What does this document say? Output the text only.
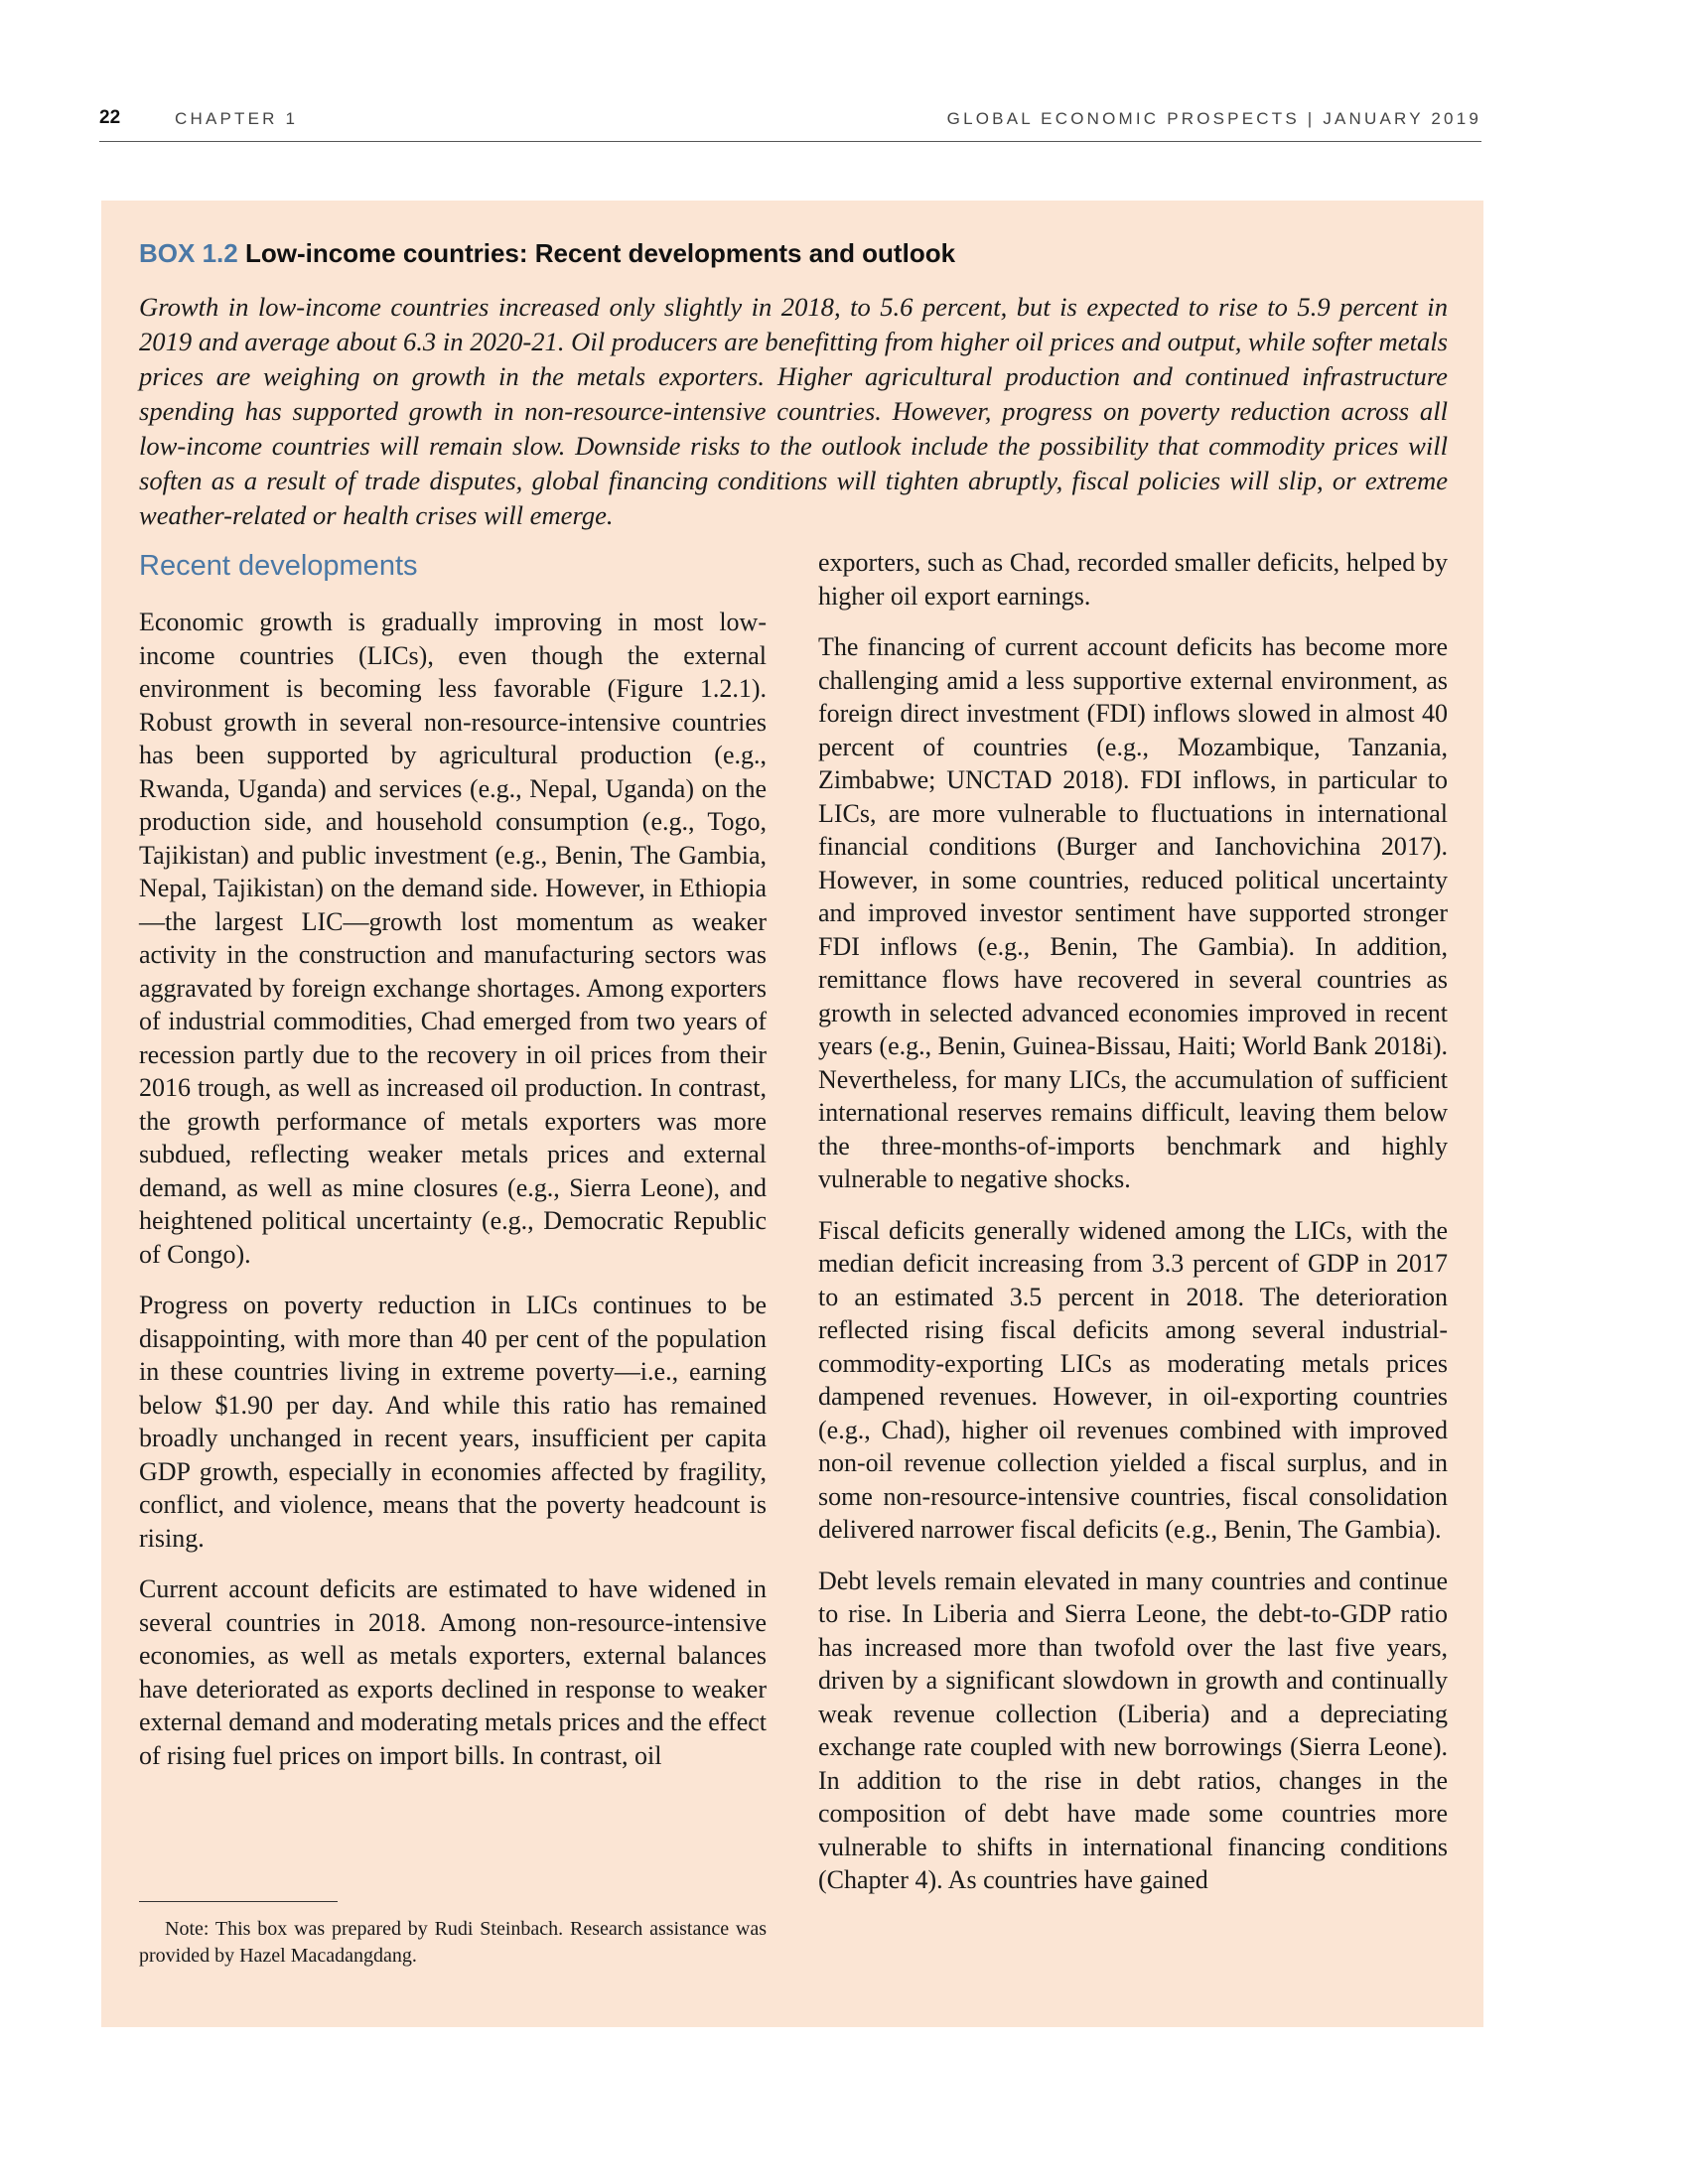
22	CHAPTER 1	GLOBAL ECONOMIC PROSPECTS | JANUARY 2019
BOX 1.2 Low-income countries: Recent developments and outlook

Growth in low-income countries increased only slightly in 2018, to 5.6 percent, but is expected to rise to 5.9 percent in 2019 and average about 6.3 in 2020-21. Oil producers are benefitting from higher oil prices and output, while softer metals prices are weighing on growth in the metals exporters. Higher agricultural production and continued infrastructure spending has supported growth in non-resource-intensive countries. However, progress on poverty reduction across all low-income countries will remain slow. Downside risks to the outlook include the possibility that commodity prices will soften as a result of trade disputes, global financing conditions will tighten abruptly, fiscal policies will slip, or extreme weather-related or health crises will emerge.

Recent developments

Economic growth is gradually improving in most low-income countries (LICs), even though the external environment is becoming less favorable (Figure 1.2.1). Robust growth in several non-resource-intensive countries has been supported by agricultural production (e.g., Rwanda, Uganda) and services (e.g., Nepal, Uganda) on the production side, and household consumption (e.g., Togo, Tajikistan) and public investment (e.g., Benin, The Gambia, Nepal, Tajikistan) on the demand side. However, in Ethiopia—the largest LIC—growth lost momentum as weaker activity in the construction and manufacturing sectors was aggravated by foreign exchange shortages. Among exporters of industrial commodities, Chad emerged from two years of recession partly due to the recovery in oil prices from their 2016 trough, as well as increased oil production. In contrast, the growth performance of metals exporters was more subdued, reflecting weaker metals prices and external demand, as well as mine closures (e.g., Sierra Leone), and heightened political uncertainty (e.g., Democratic Republic of Congo).

Progress on poverty reduction in LICs continues to be disappointing, with more than 40 per cent of the population in these countries living in extreme poverty—i.e., earning below $1.90 per day. And while this ratio has remained broadly unchanged in recent years, insufficient per capita GDP growth, especially in economies affected by fragility, conflict, and violence, means that the poverty headcount is rising.

Current account deficits are estimated to have widened in several countries in 2018. Among non-resource-intensive economies, as well as metals exporters, external balances have deteriorated as exports declined in response to weaker external demand and moderating metals prices and the effect of rising fuel prices on import bills. In contrast, oil

exporters, such as Chad, recorded smaller deficits, helped by higher oil export earnings.

The financing of current account deficits has become more challenging amid a less supportive external environment, as foreign direct investment (FDI) inflows slowed in almost 40 percent of countries (e.g., Mozambique, Tanzania, Zimbabwe; UNCTAD 2018). FDI inflows, in particular to LICs, are more vulnerable to fluctuations in international financial conditions (Burger and Ianchovichina 2017). However, in some countries, reduced political uncertainty and improved investor sentiment have supported stronger FDI inflows (e.g., Benin, The Gambia). In addition, remittance flows have recovered in several countries as growth in selected advanced economies improved in recent years (e.g., Benin, Guinea-Bissau, Haiti; World Bank 2018i). Nevertheless, for many LICs, the accumulation of sufficient international reserves remains difficult, leaving them below the three-months-of-imports benchmark and highly vulnerable to negative shocks.

Fiscal deficits generally widened among the LICs, with the median deficit increasing from 3.3 percent of GDP in 2017 to an estimated 3.5 percent in 2018. The deterioration reflected rising fiscal deficits among several industrial-commodity-exporting LICs as moderating metals prices dampened revenues. However, in oil-exporting countries (e.g., Chad), higher oil revenues combined with improved non-oil revenue collection yielded a fiscal surplus, and in some non-resource-intensive countries, fiscal consolidation delivered narrower fiscal deficits (e.g., Benin, The Gambia).

Debt levels remain elevated in many countries and continue to rise. In Liberia and Sierra Leone, the debt-to-GDP ratio has increased more than twofold over the last five years, driven by a significant slowdown in growth and continually weak revenue collection (Liberia) and a depreciating exchange rate coupled with new borrowings (Sierra Leone). In addition to the rise in debt ratios, changes in the composition of debt have made some countries more vulnerable to shifts in international financing conditions (Chapter 4). As countries have gained

Note: This box was prepared by Rudi Steinbach. Research assistance was provided by Hazel Macadangdang.
